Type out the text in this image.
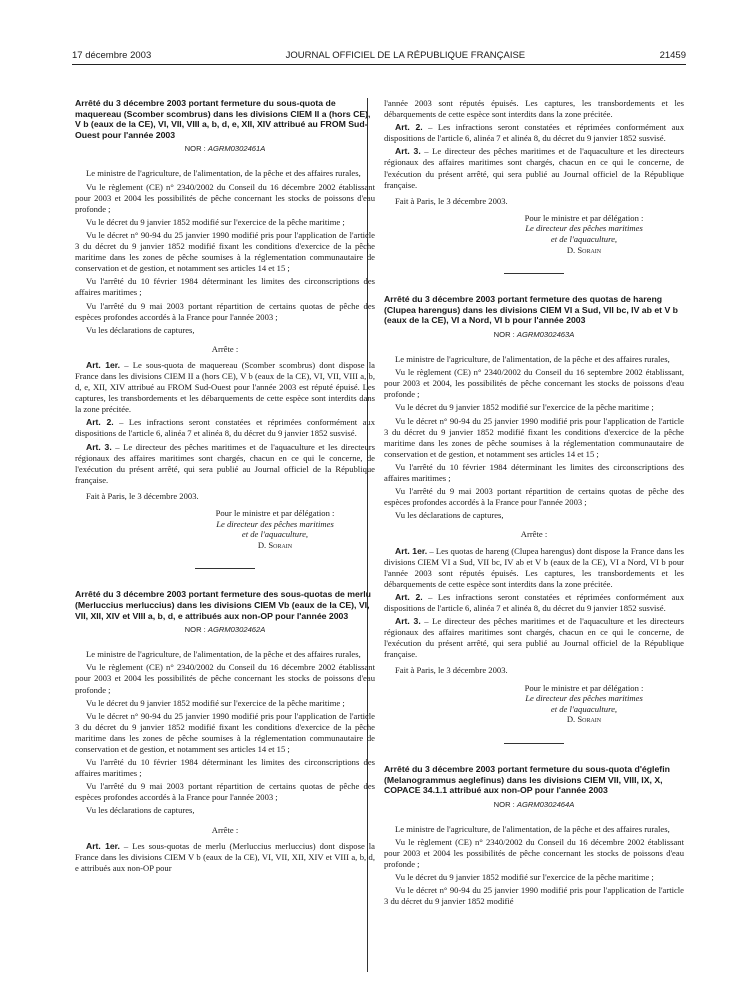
17 décembre 2003	JOURNAL OFFICIEL DE LA RÉPUBLIQUE FRANÇAISE	21459
Arrêté du 3 décembre 2003 portant fermeture du sous-quota de maquereau (Scomber scombrus) dans les divisions CIEM II a (hors CE), V b (eaux de la CE), VI, VII, VIII a, b, d, e, XII, XIV attribué au FROM Sud-Ouest pour l'année 2003
NOR : AGRM0302461A

Le ministre de l'agriculture, de l'alimentation, de la pêche et des affaires rurales,

Vu le règlement (CE) n° 2340/2002 du Conseil du 16 décembre 2002 établissant pour 2003 et 2004 les possibilités de pêche concernant les stocks de poissons d'eau profonde ;

Vu le décret du 9 janvier 1852 modifié sur l'exercice de la pêche maritime ;

Vu le décret n° 90-94 du 25 janvier 1990 modifié pris pour l'application de l'article 3 du décret du 9 janvier 1852 modifié fixant les conditions d'exercice de la pêche maritime dans les zones de pêche soumises à la réglementation communautaire de conservation et de gestion, et notamment ses articles 14 et 15 ;

Vu l'arrêté du 10 février 1984 déterminant les limites des circonscriptions des affaires maritimes ;

Vu l'arrêté du 9 mai 2003 portant répartition de certains quotas de pêche des espèces profondes accordés à la France pour l'année 2003 ;

Vu les déclarations de captures,

Arrête :

Art. 1er. – Le sous-quota de maquereau (Scomber scombrus) dont dispose la France dans les divisions CIEM II a (hors CE), V b (eaux de la CE), VI, VII, VIII a, b, d, e, XII, XIV attribué au FROM Sud-Ouest pour l'année 2003 est réputé épuisé. Les captures, les transbordements et les débarquements de cette espèce sont interdits dans la zone précitée.

Art. 2. – Les infractions seront constatées et réprimées conformément aux dispositions de l'article 6, alinéa 7 et alinéa 8, du décret du 9 janvier 1852 susvisé.

Art. 3. – Le directeur des pêches maritimes et de l'aquaculture et les directeurs régionaux des affaires maritimes sont chargés, chacun en ce qui le concerne, de l'exécution du présent arrêté, qui sera publié au Journal officiel de la République française.

Fait à Paris, le 3 décembre 2003.

Pour le ministre et par délégation :
Le directeur des pêches maritimes
et de l'aquaculture,
D. Sorain
Arrêté du 3 décembre 2003 portant fermeture des sous-quotas de merlu (Merluccius merluccius) dans les divisions CIEM Vb (eaux de la CE), VI, VII, XII, XIV et VIII a, b, d, e attribués aux non-OP pour l'année 2003
NOR : AGRM0302462A

Le ministre de l'agriculture, de l'alimentation, de la pêche et des affaires rurales,

Vu le règlement (CE) n° 2340/2002 du Conseil du 16 décembre 2002 établissant pour 2003 et 2004 les possibilités de pêche concernant les stocks de poissons d'eau profonde ;

Vu le décret du 9 janvier 1852 modifié sur l'exercice de la pêche maritime ;

Vu le décret n° 90-94 du 25 janvier 1990 modifié pris pour l'application de l'article 3 du décret du 9 janvier 1852 modifié fixant les conditions d'exercice de la pêche maritime dans les zones de pêche soumises à la réglementation communautaire de conservation et de gestion, et notamment ses articles 14 et 15 ;

Vu l'arrêté du 10 février 1984 déterminant les limites des circonscriptions des affaires maritimes ;

Vu l'arrêté du 9 mai 2003 portant répartition de certains quotas de pêche des espèces profondes accordés à la France pour l'année 2003 ;

Vu les déclarations de captures,

Arrête :

Art. 1er. – Les sous-quotas de merlu (Merluccius merluccius) dont dispose la France dans les divisions CIEM V b (eaux de la CE), VI, VII, XII, XIV et VIII a, b, d, e attribués aux non-OP pour

l'année 2003 sont réputés épuisés. Les captures, les transbordements et les débarquements de cette espèce sont interdits dans la zone précitée.

Art. 2. – Les infractions seront constatées et réprimées conformément aux dispositions de l'article 6, alinéa 7 et alinéa 8, du décret du 9 janvier 1852 susvisé.

Art. 3. – Le directeur des pêches maritimes et de l'aquaculture et les directeurs régionaux des affaires maritimes sont chargés, chacun en ce qui le concerne, de l'exécution du présent arrêté, qui sera publié au Journal officiel de la République française.

Fait à Paris, le 3 décembre 2003.

Pour le ministre et par délégation :
Le directeur des pêches maritimes
et de l'aquaculture,
D. Sorain
Arrêté du 3 décembre 2003 portant fermeture des quotas de hareng (Clupea harengus) dans les divisions CIEM VI a Sud, VII bc, IV ab et V b (eaux de la CE), VI a Nord, VI b pour l'année 2003
NOR : AGRM0302463A

Le ministre de l'agriculture, de l'alimentation, de la pêche et des affaires rurales,

Vu le règlement (CE) n° 2340/2002 du Conseil du 16 septembre 2002 établissant, pour 2003 et 2004, les possibilités de pêche concernant les stocks de poissons d'eau profonde ;

Vu le décret du 9 janvier 1852 modifié sur l'exercice de la pêche maritime ;

Vu le décret n° 90-94 du 25 janvier 1990 modifié pris pour l'application de l'article 3 du décret du 9 janvier 1852 modifié fixant les conditions d'exercice de la pêche maritime dans les zones de pêche soumises à la réglementation communautaire de conservation et de gestion, et notamment ses articles 14 et 15 ;

Vu l'arrêté du 10 février 1984 déterminant les limites des circonscriptions des affaires maritimes ;

Vu l'arrêté du 9 mai 2003 portant répartition de certains quotas de pêche des espèces profondes accordés à la France pour l'année 2003 ;

Vu les déclarations de captures,

Arrête :

Art. 1er. – Les quotas de hareng (Clupea harengus) dont dispose la France dans les divisions CIEM VI a Sud, VII bc, IV ab et V b (eaux de la CE), VI a Nord, VI b pour l'année 2003 sont réputés épuisés. Les captures, les transbordements et les débarquements de cette espèce sont interdits dans la zone précitée.

Art. 2. – Les infractions seront constatées et réprimées conformément aux dispositions de l'article 6, alinéa 7 et alinéa 8, du décret du 9 janvier 1852 susvisé.

Art. 3. – Le directeur des pêches maritimes et de l'aquaculture et les directeurs régionaux des affaires maritimes sont chargés, chacun en ce qui le concerne, de l'exécution du présent arrêté, qui sera publié au Journal officiel de la République française.

Fait à Paris, le 3 décembre 2003.

Pour le ministre et par délégation :
Le directeur des pêches maritimes
et de l'aquaculture,
D. Sorain
Arrêté du 3 décembre 2003 portant fermeture du sous-quota d'églefin (Melanogrammus aeglefinus) dans les divisions CIEM VII, VIII, IX, X, COPACE 34.1.1 attribué aux non-OP pour l'année 2003
NOR : AGRM0302464A

Le ministre de l'agriculture, de l'alimentation, de la pêche et des affaires rurales,

Vu le règlement (CE) n° 2340/2002 du Conseil du 16 décembre 2002 établissant pour 2003 et 2004 les possibilités de pêche concernant les stocks de poissons d'eau profonde ;

Vu le décret du 9 janvier 1852 modifié sur l'exercice de la pêche maritime ;

Vu le décret n° 90-94 du 25 janvier 1990 modifié pris pour l'application de l'article 3 du décret du 9 janvier 1852 modifié
